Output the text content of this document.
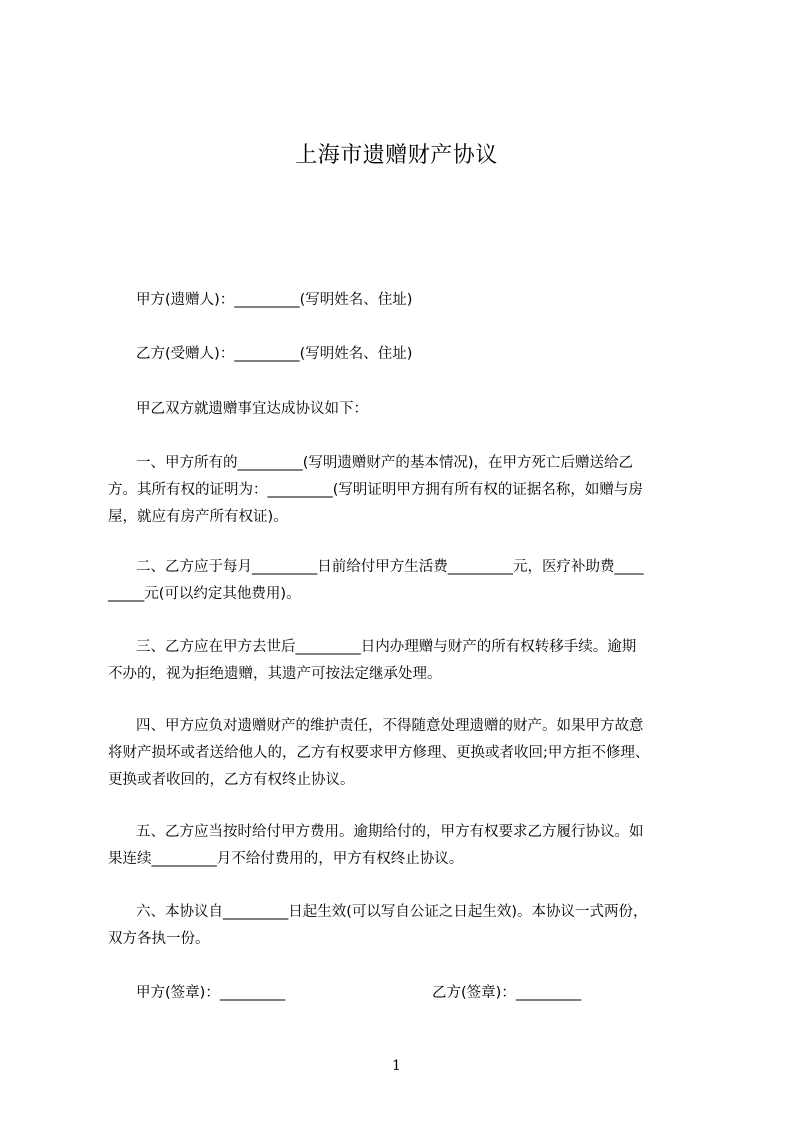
上海市遗赠财产协议
甲方(遗赠人)：_________(写明姓名、住址)
乙方(受赠人)：_________(写明姓名、住址)
甲乙双方就遗赠事宜达成协议如下：
一、甲方所有的_________(写明遗赠财产的基本情况)，在甲方死亡后赠送给乙
方。其所有权的证明为：_________(写明证明甲方拥有所有权的证据名称，如赠与房
屋，就应有房产所有权证)。
二、乙方应于每月_________日前给付甲方生活费_________元，医疗补助费____
_____元(可以约定其他费用)。
三、乙方应在甲方去世后_________日内办理赠与财产的所有权转移手续。逾期
不办的，视为拒绝遗赠，其遗产可按法定继承处理。
四、甲方应负对遗赠财产的维护责任，不得随意处理遗赠的财产。如果甲方故意
将财产损坏或者送给他人的，乙方有权要求甲方修理、更换或者收回;甲方拒不修理、
更换或者收回的，乙方有权终止协议。
五、乙方应当按时给付甲方费用。逾期给付的，甲方有权要求乙方履行协议。如
果连续_________月不给付费用的，甲方有权终止协议。
六、本协议自_________日起生效(可以写自公证之日起生效)。本协议一式两份，
双方各执一份。
甲方(签章)：_________	乙方(签章)：_________
1
